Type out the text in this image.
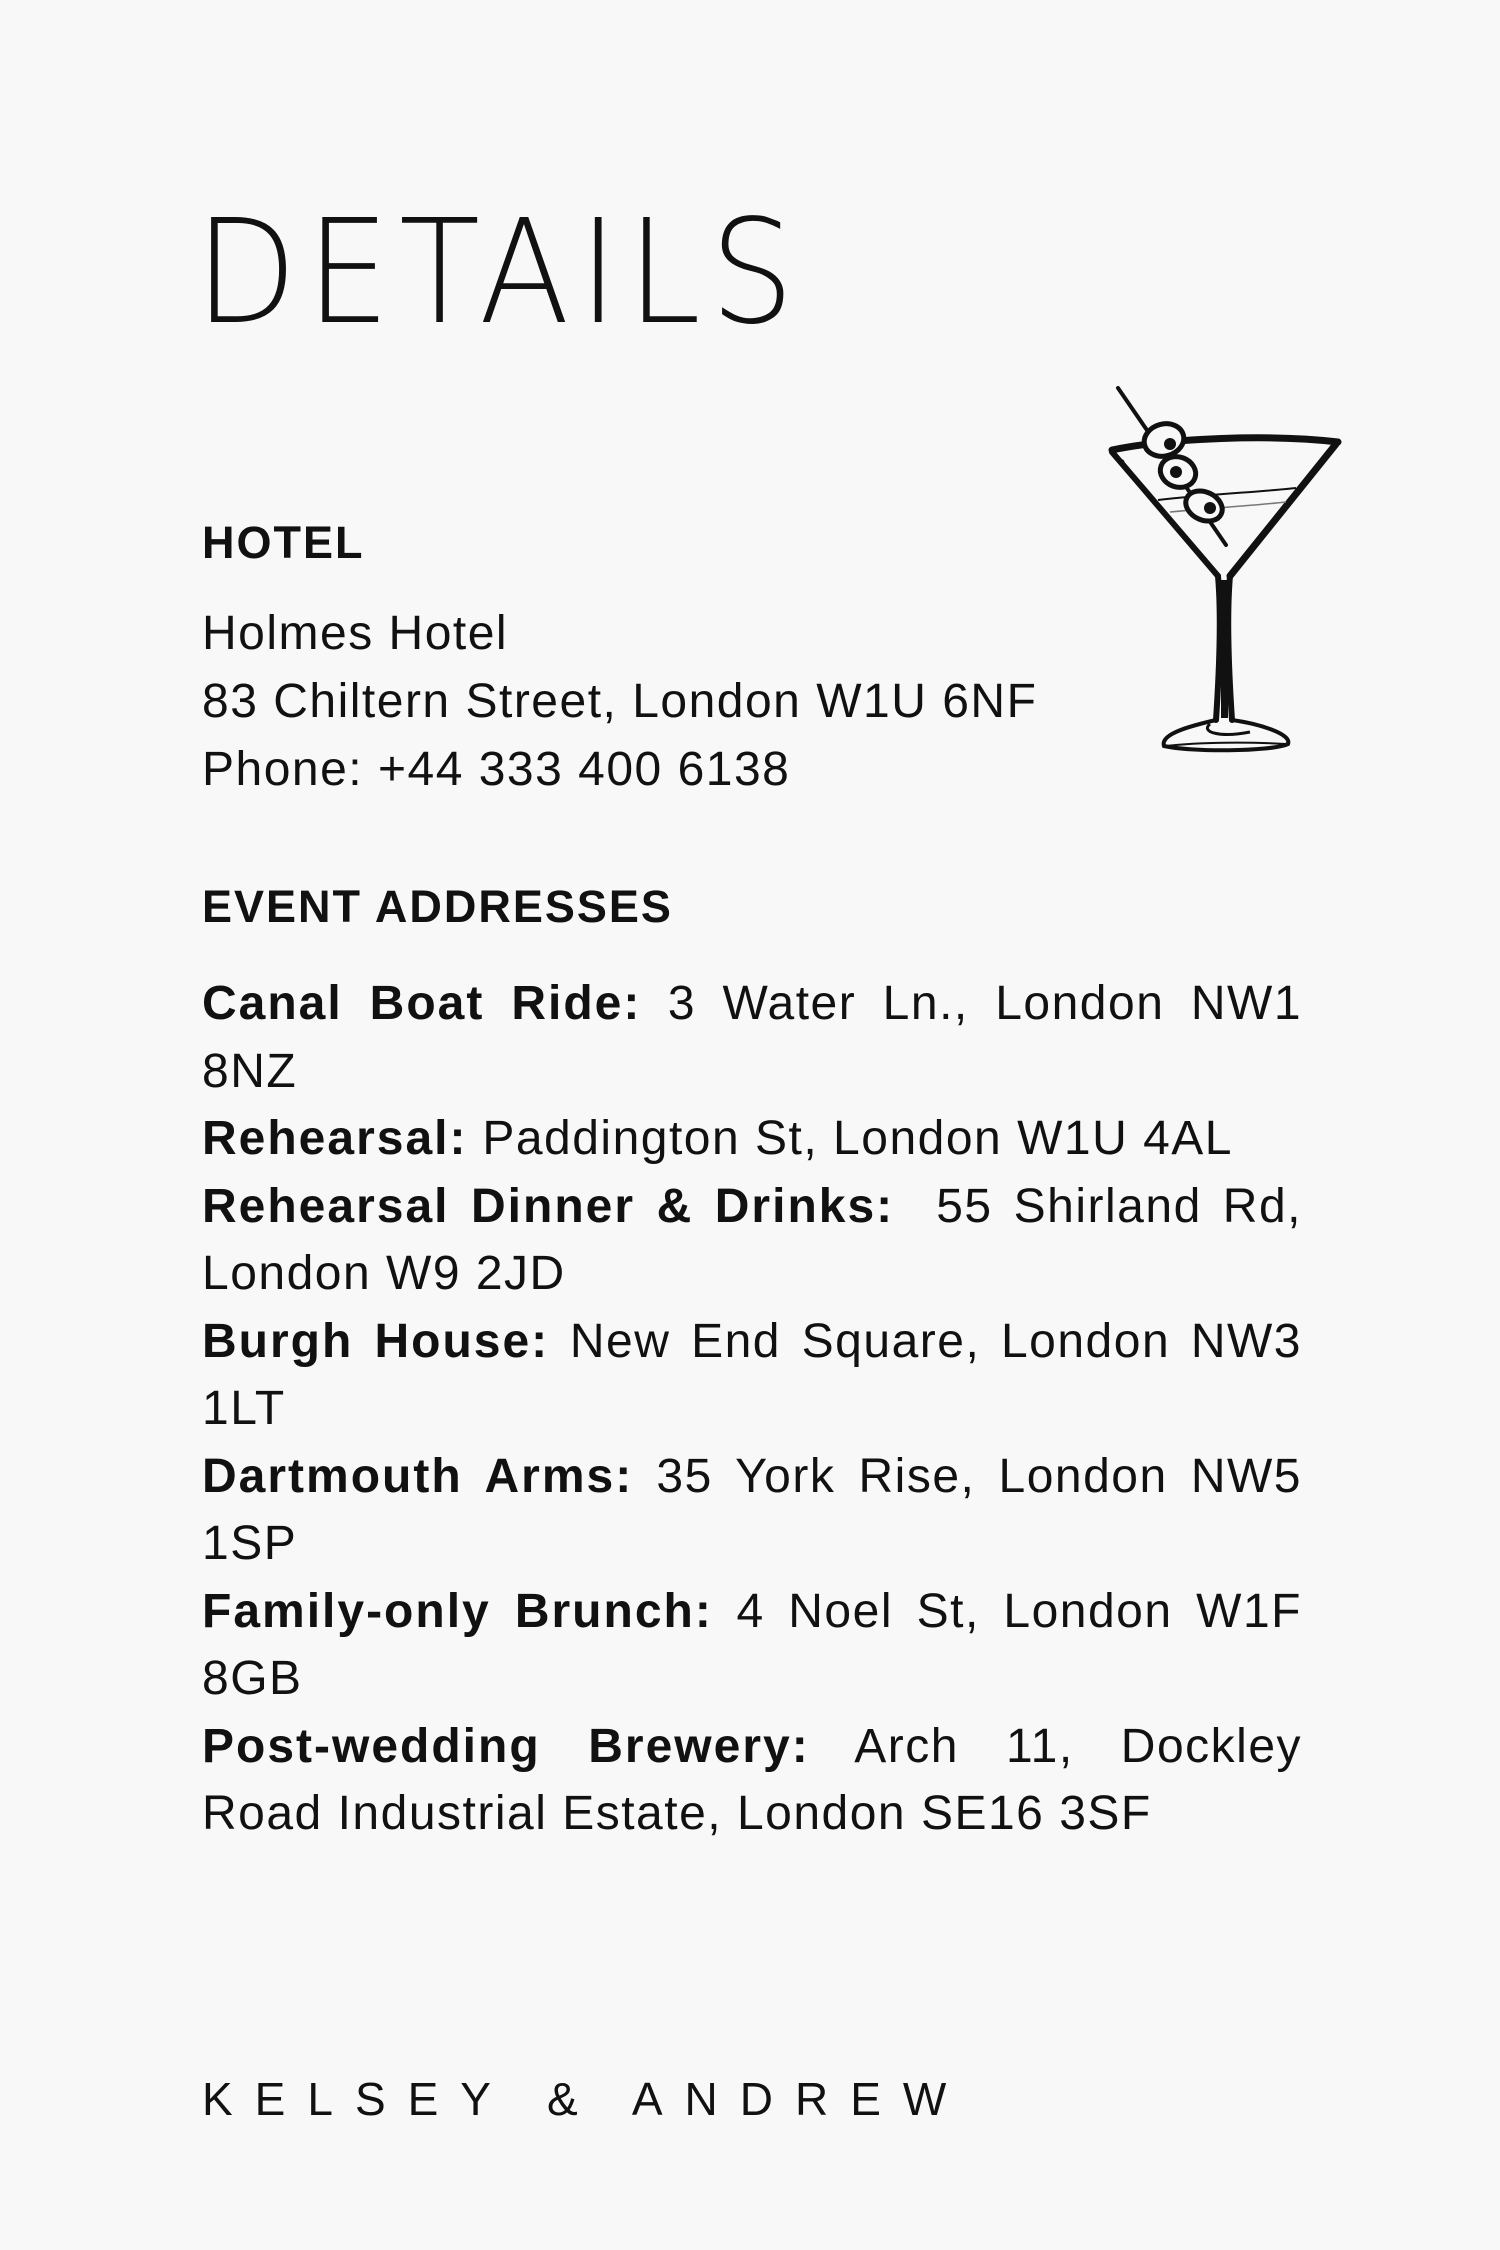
DETAILS
HOTEL
Holmes Hotel
83 Chiltern Street, London W1U 6NF
Phone: +44 333 400 6138
EVENT ADDRESSES

Canal Boat Ride: 3 Water Ln., London NW1 8NZ

Rehearsal: Paddington St, London W1U 4AL

Rehearsal Dinner & Drinks: 55 Shirland Rd, London W9 2JD

Burgh House: New End Square, London NW3 1LT

Dartmouth Arms: 35 York Rise, London NW5 1SP

Family-only Brunch: 4 Noel St, London W1F 8GB

Post-wedding Brewery: Arch 11, Dockley Road Industrial Estate, London SE16 3SF

KELSEY & ANDREW
